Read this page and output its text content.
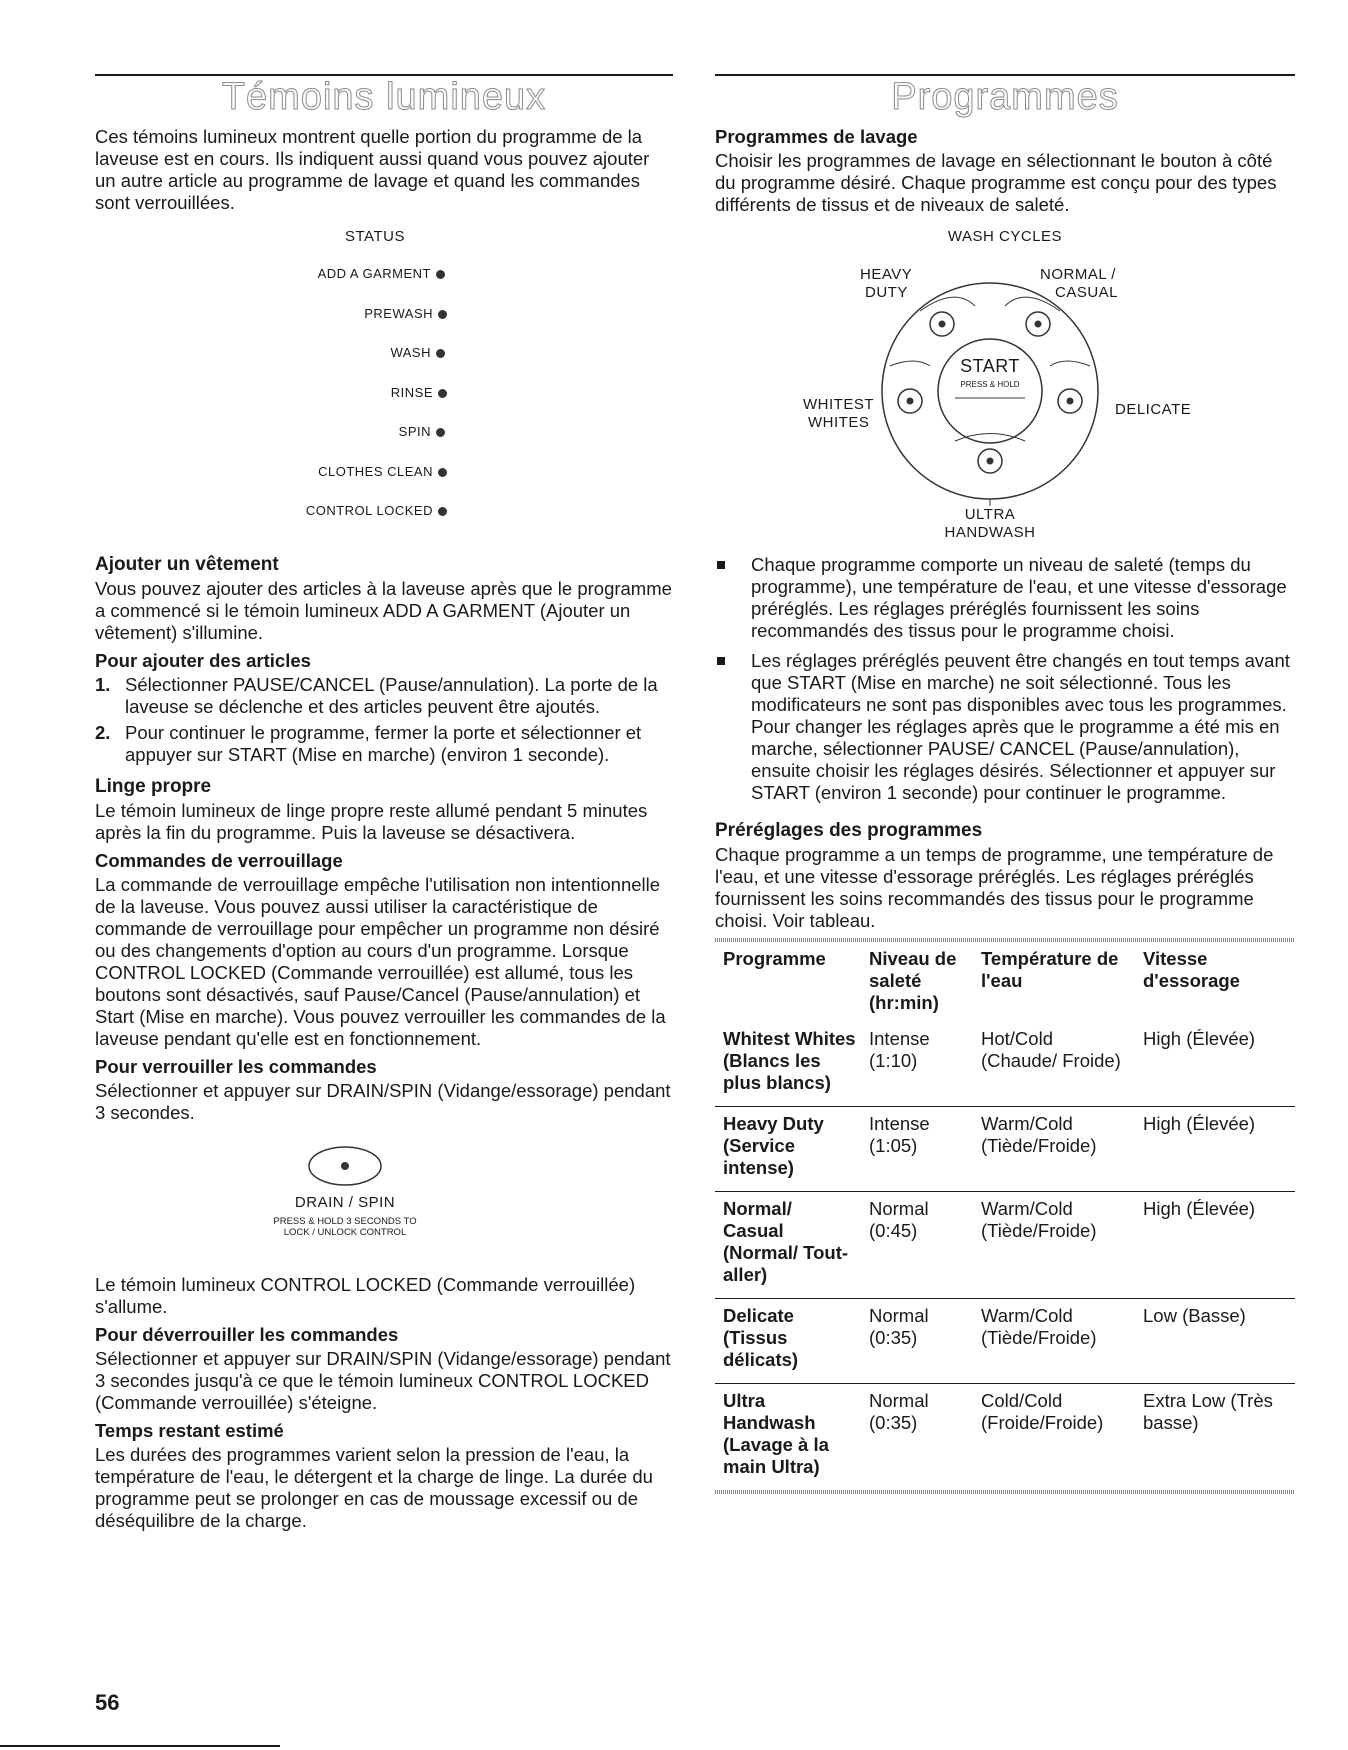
Témoins lumineux

Ces témoins lumineux montrent quelle portion du programme de la laveuse est en cours. Ils indiquent aussi quand vous pouvez ajouter un autre article au programme de lavage et quand les commandes sont verrouillées.

STATUS
ADD A GARMENT
PREWASH
WASH
RINSE
SPIN
CLOTHES CLEAN
CONTROL LOCKED
Ajouter un vêtement

Vous pouvez ajouter des articles à la laveuse après que le programme a commencé si le témoin lumineux ADD A GARMENT (Ajouter un vêtement) s'illumine.

Pour ajouter des articles
1. Sélectionner PAUSE/CANCEL (Pause/annulation). La porte de la laveuse se déclenche et des articles peuvent être ajoutés.
2. Pour continuer le programme, fermer la porte et sélectionner et appuyer sur START (Mise en marche) (environ 1 seconde).
Linge propre

Le témoin lumineux de linge propre reste allumé pendant 5 minutes après la fin du programme. Puis la laveuse se désactivera.

Commandes de verrouillage

La commande de verrouillage empêche l'utilisation non intentionnelle de la laveuse. Vous pouvez aussi utiliser la caractéristique de commande de verrouillage pour empêcher un programme non désiré ou des changements d'option au cours d'un programme. Lorsque CONTROL LOCKED (Commande verrouillée) est allumé, tous les boutons sont désactivés, sauf Pause/Cancel (Pause/annulation) et Start (Mise en marche). Vous pouvez verrouiller les commandes de la laveuse pendant qu'elle est en fonctionnement.

Pour verrouiller les commandes

Sélectionner et appuyer sur DRAIN/SPIN (Vidange/essorage) pendant 3 secondes.

DRAIN / SPIN
PRESS & HOLD 3 SECONDS TO LOCK / UNLOCK CONTROL

Le témoin lumineux CONTROL LOCKED (Commande verrouillée) s'allume.

Pour déverrouiller les commandes

Sélectionner et appuyer sur DRAIN/SPIN (Vidange/essorage) pendant 3 secondes jusqu'à ce que le témoin lumineux CONTROL LOCKED (Commande verrouillée) s'éteigne.

Temps restant estimé

Les durées des programmes varient selon la pression de l'eau, la température de l'eau, le détergent et la charge de linge. La durée du programme peut se prolonger en cas de moussage excessif ou de déséquilibre de la charge.

56
Programmes
Programmes de lavage

Choisir les programmes de lavage en sélectionnant le bouton à côté du programme désiré. Chaque programme est conçu pour des types différents de tissus et de niveaux de saleté.

WASH CYCLES
START
PRESS & HOLD
HEAVY
DUTY
NORMAL /
CASUAL
WHITEST
WHITES
DELICATE
ULTRA
HANDWASH
Chaque programme comporte un niveau de saleté (temps du programme), une température de l'eau, et une vitesse d'essorage préréglés. Les réglages préréglés fournissent les soins recommandés des tissus pour le programme choisi.
Les réglages préréglés peuvent être changés en tout temps avant que START (Mise en marche) ne soit sélectionné. Tous les modificateurs ne sont pas disponibles avec tous les programmes. Pour changer les réglages après que le programme a été mis en marche, sélectionner PAUSE/ CANCEL (Pause/annulation), ensuite choisir les réglages désirés. Sélectionner et appuyer sur START (environ 1 seconde) pour continuer le programme.
Préréglages des programmes

Chaque programme a un temps de programme, une température de l'eau, et une vitesse d'essorage préréglés. Les réglages préréglés fournissent les soins recommandés des tissus pour le programme choisi. Voir tableau.

Programme	Niveau de saleté (hr:min)	Température de l'eau	Vitesse d'essorage
Whitest Whites (Blancs les plus blancs)	Intense (1:10)	Hot/Cold (Chaude/ Froide)	High (Élevée)
Heavy Duty (Service intense)	Intense (1:05)	Warm/Cold (Tiède/Froide)	High (Élevée)
Normal/ Casual (Normal/ Tout-aller)	Normal (0:45)	Warm/Cold (Tiède/Froide)	High (Élevée)
Delicate (Tissus délicats)	Normal (0:35)	Warm/Cold (Tiède/Froide)	Low (Basse)
Ultra Handwash (Lavage à la main Ultra)	Normal (0:35)	Cold/Cold (Froide/Froide)	Extra Low (Très basse)
